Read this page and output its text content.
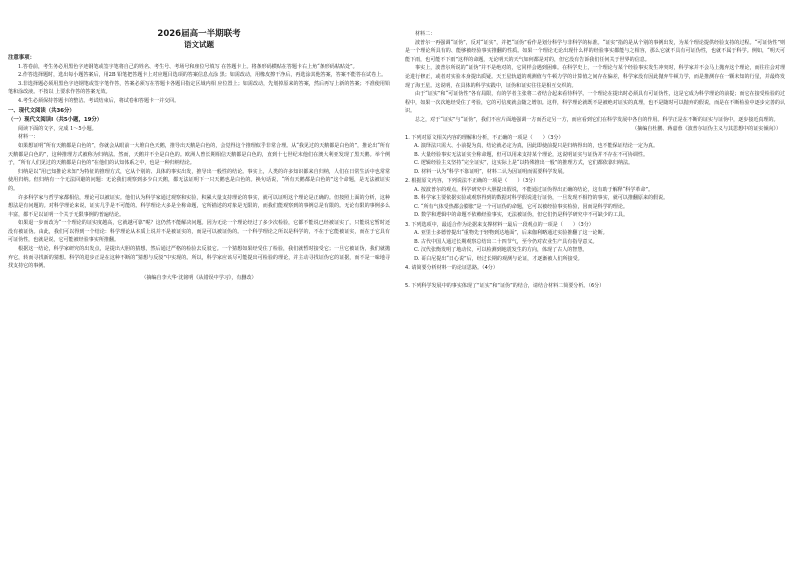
2026届高一半期联考
语文试题
注意事项：

1.答卷前，考生务必用黑色字迹钢笔或签字笔将自己的姓名、考生号、考场号和座位号填写 在答题卡上。将条形码横贴在答题卡右上角“条形码粘贴处”。

2.作答选择题时，选出每小题答案后，用2B 铅笔把答题卡上对应题目选项的答案信息点涂 黑；如需改动，用橡皮擦干净后，再选涂其他答案，答案不能答在试卷上。

3.非选择题必须用黑色字迹钢笔或签字笔作答，答案必须写在答题卡各题目指定区域内相 应位置上；如需改动，先划掉原来的答案，然后再写上新的答案；不准使用铅笔和涂改液。不按以 上要求作答的答案无效。

4.考生必须保持答题卡的整洁。考试结束后，将试卷和答题卡一并交回。

一、现代文阅读（共36分）
（一）现代文阅读Ⅰ（共5小题，19分）

阅读下面的文字，完成 1～5小题。

材料一：

如果想证明“所有天鹅都是白色的”，你就会从眼前一大堆白色天鹅，推导出天鹅是白色的，会觉得这个推理似乎非常合理。从“我见过的天鹅都是白色的”，推论出“所有天鹅都是白色的”，这种推理方式被称为归纳法。然而，天鹅并不全是白色的。欧洲人曾长期相信天鹅都是白色的，直到十七世纪末他们在澳大利亚发现了黑天鹅。举个例子，“所有人们见过的天鹅都是白色的”在他们的认知体系之中，也是一种归纳结论。

归纳是以“用已知推论未知”为特征的推理方式，它从个别的、具体的事实出发，推导出一般性的结论。事实上，人类的许多知识都来自归纳，人们在日常生活中也常常使用归纳。但归纳有一个无法回避的问题：无论我们观察到多少白天鹅，都无法证明下一只天鹅也是白色的。换句话说，“所有天鹅都是白色的”这个命题，是无法被证实的。

许多科学家与哲学家都相信，理论可以被证实。他们认为科学家通过观察和实验，积累大量支持理论的事实，就可以证明这个理论是正确的。但按照上面的分析，这种想法是有问题的。对科学理论来说，证实几乎是不可能的。科学理论大多是全称命题，它所描述的对象是无限的，而我们能观察到的事例总是有限的。无论有限的事例多么丰富，都不足以证明一个关于无限事例的普遍结论。

如果退一步而改为“一个理论的证实度越高，它就越可靠”呢？这仍然不能解决问题。因为无论一个理论经过了多少次检验，它都不能说已经被证实了，只能说它暂时还没有被证伪。由此，我们可以得到一个结论：科学理论从本质上说并不是被证实的，而是可以被证伪的。一个科学理论之所以是科学的，不在于它能被证实，而在于它具有可证伪性，也就是说，它可能被经验事实所推翻。

根据这一结论，科学家研究的出发点，是提出大胆的猜想，然后通过严格的检验去反驳它。一个猜想如果经受住了检验，我们就暂时接受它；一旦它被证伪，我们就抛弃它，转而寻找新的猜想。科学的进步正是在这种不断的“猜想与反驳”中实现的。所以，科学家应该尽可能提出可检验的理论，并主动寻找证伪它的证据，而不是一味地寻找支持它的事例。

（摘编自李大华·沈铭明《从错误中学习》，有删改）

材料二：

波普尔一再强调“证伪”，反对“证实”，并把“证伪”看作是划分科学与非科学的标准。“证实”指的是从个别的事例出发，为某个理论提供经验支持的过程。“可证伪性”则是一个理论所具有的、能够被经验事实推翻的性质。如果一个理论无论出现什么样的经验事实都能与之相容，那么它就不具有可证伪性，也就不属于科学。例如，“明天可能下雨，也可能不下雨”这样的命题，无论明天的天气如何都是对的，但它没有告诉我们任何关于世界的信息。

事实上，波普尔所说的“证伪”并不是绝对的，它同样会遇到困难。在科学史上，一个理论与某个经验事实发生冲突时，科学家并不会马上抛弃这个理论，而往往会对理论进行修正，或者对实验本身提出质疑。天王星轨道的观测值与牛顿力学的计算值之间存在偏差，科学家没有因此抛弃牛顿力学，而是推测存在一颗未知的行星，并最终发现了海王星。这说明，在具体的科学实践中，证伪和证实往往是相互交织的。

由于“证实”和“可证伪性”各有局限，有的学者主张将二者结合起来看待科学。一个理论在提出时必须具有可证伪性，这是它成为科学理论的前提；而它在接受检验的过程中，如果一次次地经受住了考验，它的可信度就会随之增加。这样，科学理论就既不是被绝对证实的真理，也不是随时可以抛弃的假说，而是在不断检验中逐步完善的认识。

总之，对于“证实”与“证伪”，我们不应片面地强调一方而否定另一方，而应看到它们在科学发展中各自的作用。科学正是在不断的证实与证伪中，逐步接近真理的。

（摘编自杜鹏、蒋嘉蓉《波普尔证伪主义与其思想中的证实倾向》）

1. 下列对原文相关内容的理解和分析，不正确的一项是（　　）（3分）

A. 演绎法只需大、小前提为真，结论就必定为真，因此即使前提只是归纳得出的，也不能保证结论一定为真。

B. 大量经验事实无法证实全称命题，但可以用来支持某个理论，这说明证实与证伪并不存在不可协调性。

C. 逻辑经验主义坚持“完全证实”，这实际上是“以特殊推出一般”的推理方式，它们都依靠归纳法。

D. 材料一认为“科学不靠证明”，材料二认为因证明而需要科学发展。

2. 根据原文内容，下列说法不正确的一项是（　　）（3分）

A. 按波普尔的观点，科学研究中大胆提出假说，不能通过证伪得出正确的结论，这有助于解释“科学革命”。

B. 科学家主要依据实验或观察得到的数据对科学假说进行证伪，一旦发现不相符的事实，就可以推翻原来的假说。

C. “所有气体受热都会膨胀”是一个可证伪的命题，它可以被经验事实检验，因而是科学的理论。

D. 数学和逻辑中的命题不依赖经验事实，无法被证伪，但它们仍是科学研究中不可缺少的工具。

3. 下列选项中，最适合作为论据来支撑材料一最后一段观点的一项是（　　）（3分）

A. 亚里士多德曾提出“重物先于轻物到达地面”，后来伽利略通过实验推翻了这一论断。

B. 古代中国人通过长期观察总结出二十四节气，至今仍对农业生产具有指导意义。

C. 汉代张衡发明了地动仪，可以检测到地震发生的方向，体现了古人的智慧。

D. 哥白尼提出“日心说”后，经过长期的观测与论证，才逐渐被人们所接受。

4. 请简要分析材料一的论证思路。（4分）

5. 下列科学发展中的事实体现了“证实”和“证伪”的结合，请结合材料二简要分析。（6分）
